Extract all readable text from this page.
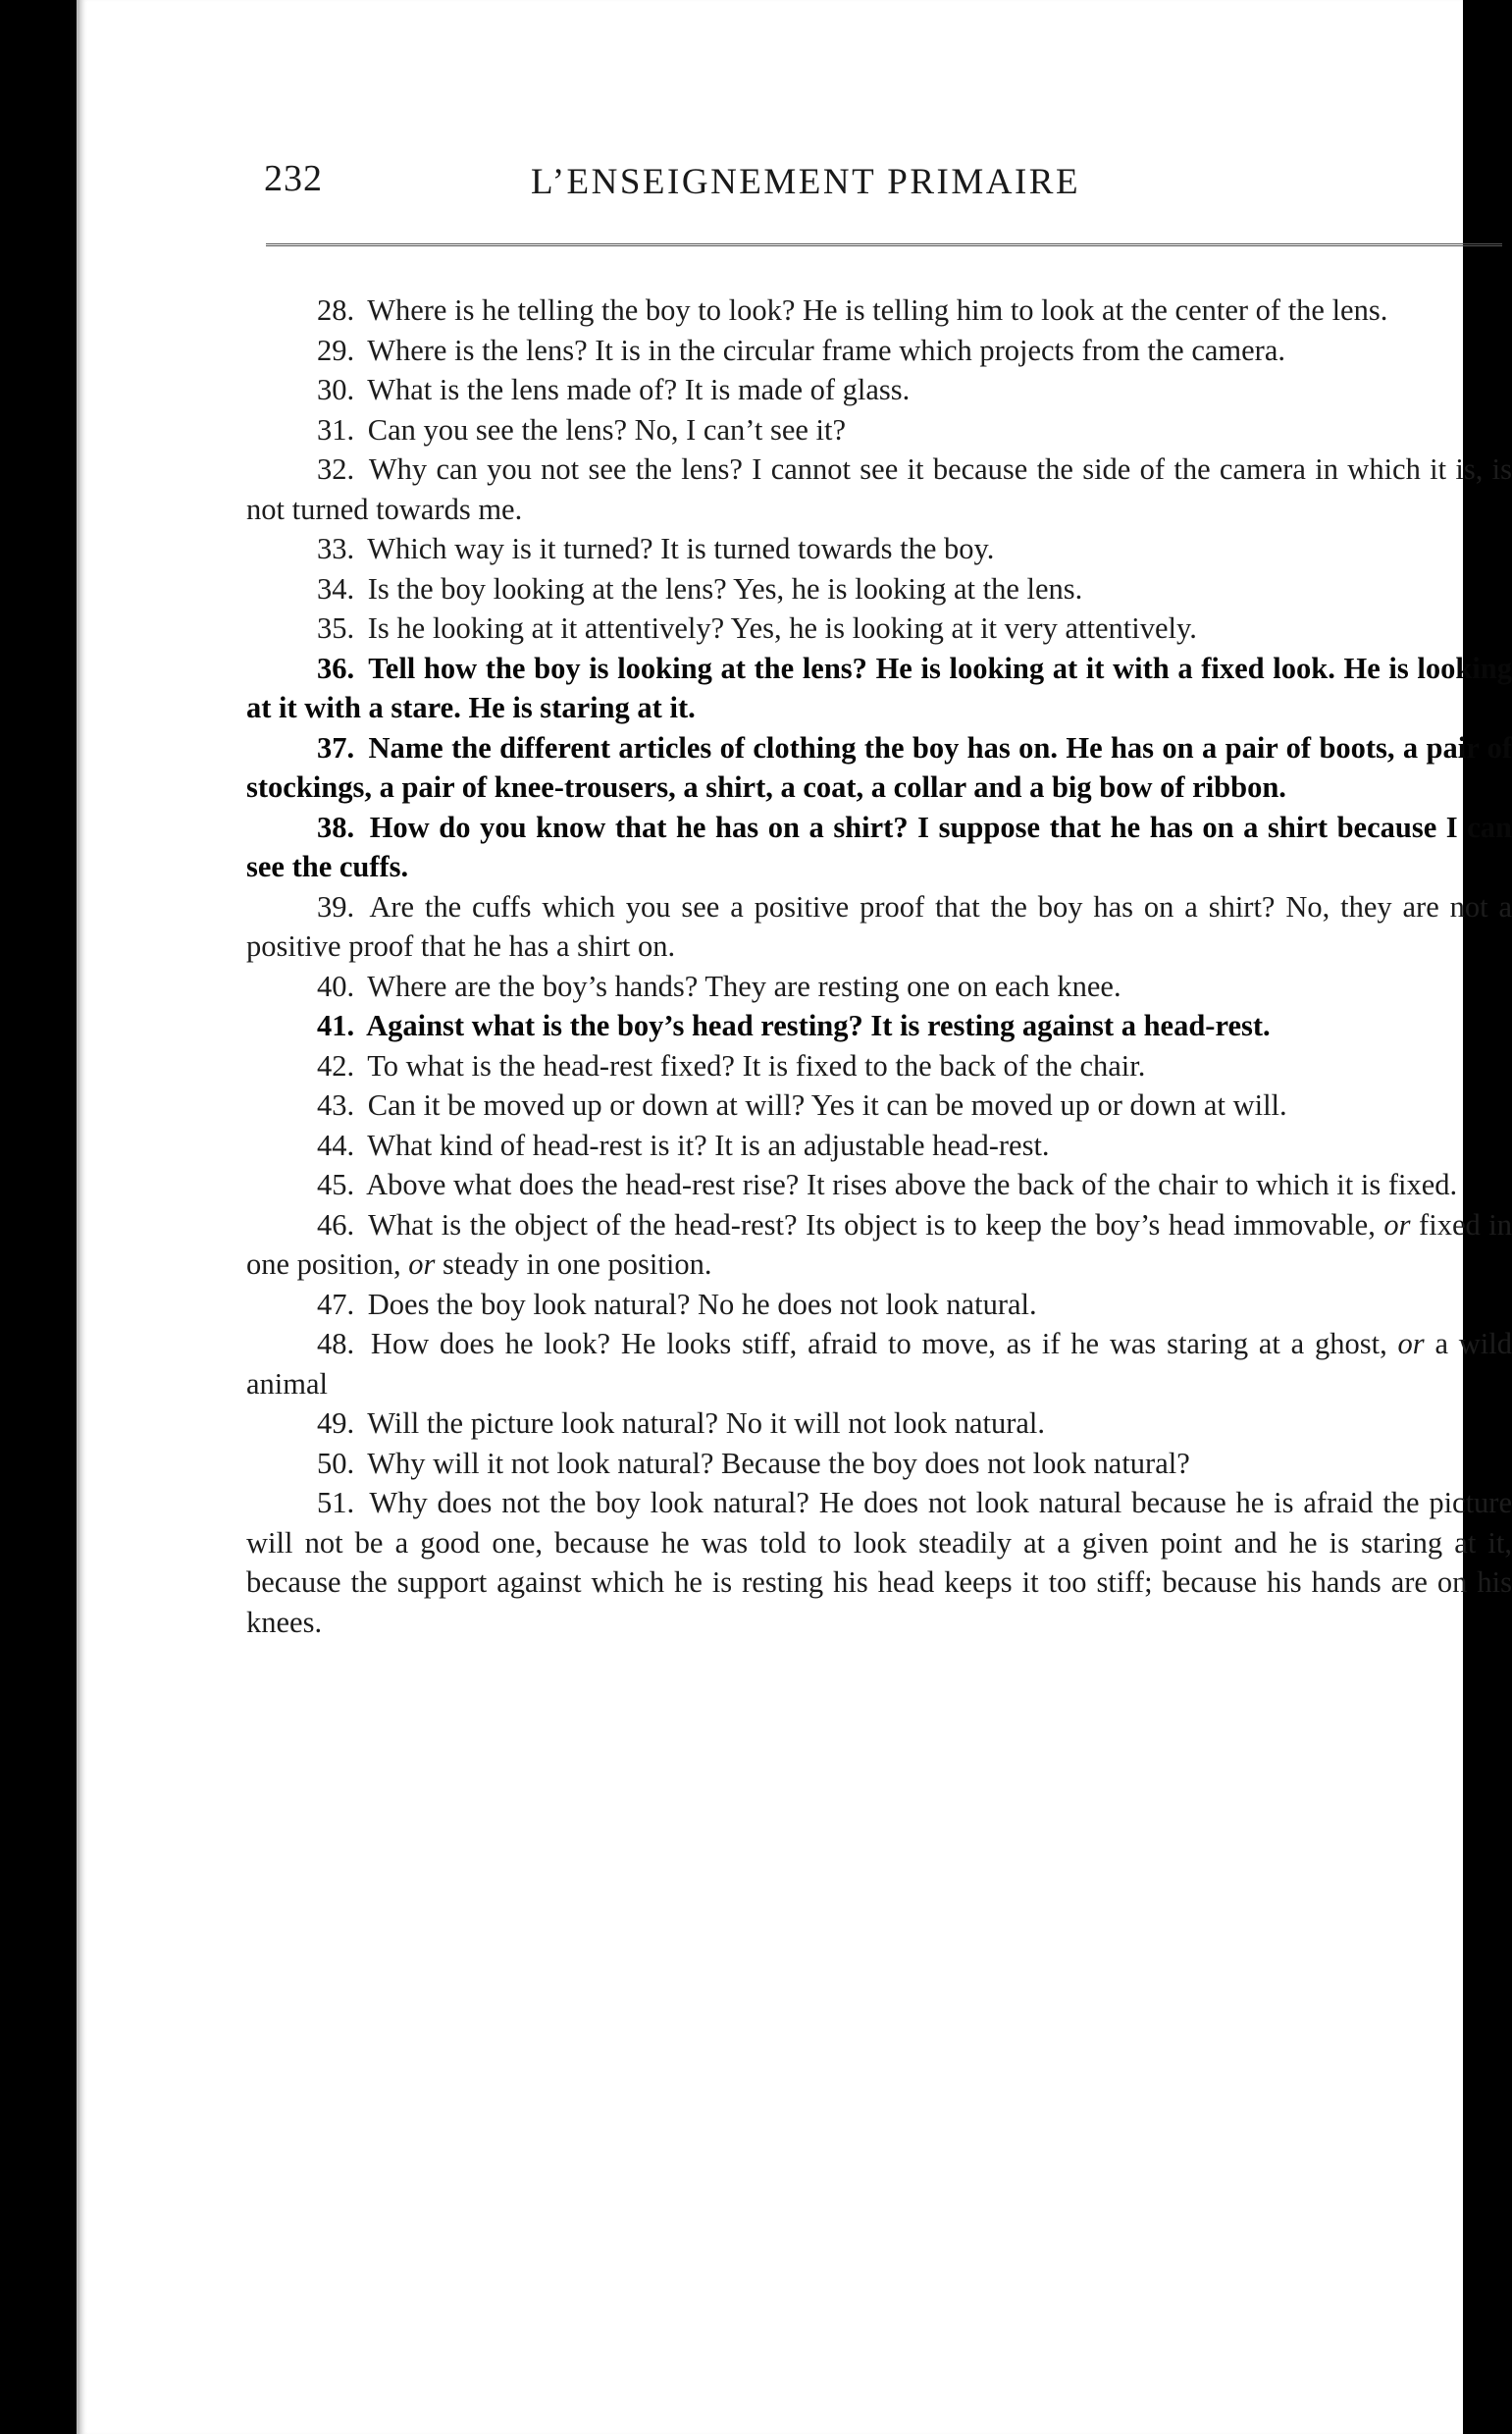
232	L’ENSEIGNEMENT PRIMAIRE

28. Where is he telling the boy to look? He is telling him to look at the center of the lens.

29. Where is the lens? It is in the circular frame which projects from the camera.

30. What is the lens made of? It is made of glass.

31. Can you see the lens? No, I can’t see it?

32. Why can you not see the lens? I cannot see it because the side of the camera in which it is, is not turned towards me.

33. Which way is it turned? It is turned towards the boy.

34. Is the boy looking at the lens? Yes, he is looking at the lens.

35. Is he looking at it attentively? Yes, he is looking at it very attentively.

36. Tell how the boy is looking at the lens? He is looking at it with a fixed look. He is looking at it with a stare. He is staring at it.

37. Name the different articles of clothing the boy has on. He has on a pair of boots, a pair of stockings, a pair of knee-trousers, a shirt, a coat, a collar and a big bow of ribbon.

38. How do you know that he has on a shirt? I suppose that he has on a shirt because I can see the cuffs.

39. Are the cuffs which you see a positive proof that the boy has on a shirt? No, they are not a positive proof that he has a shirt on.

40. Where are the boy’s hands? They are resting one on each knee.

41. Against what is the boy’s head resting? It is resting against a head-rest.

42. To what is the head-rest fixed? It is fixed to the back of the chair.

43. Can it be moved up or down at will? Yes it can be moved up or down at will.

44. What kind of head-rest is it? It is an adjustable head-rest.

45. Above what does the head-rest rise? It rises above the back of the chair to which it is fixed.

46. What is the object of the head-rest? Its object is to keep the boy’s head immovable, or fixed in one position, or steady in one position.

47. Does the boy look natural? No he does not look natural.

48. How does he look? He looks stiff, afraid to move, as if he was staring at a ghost, or a wild animal

49. Will the picture look natural? No it will not look natural.

50. Why will it not look natural? Because the boy does not look natural?

51. Why does not the boy look natural? He does not look natural because he is afraid the picture will not be a good one, because he was told to look steadily at a given point and he is staring at it, because the support against which he is resting his head keeps it too stiff; because his hands are on his knees.
